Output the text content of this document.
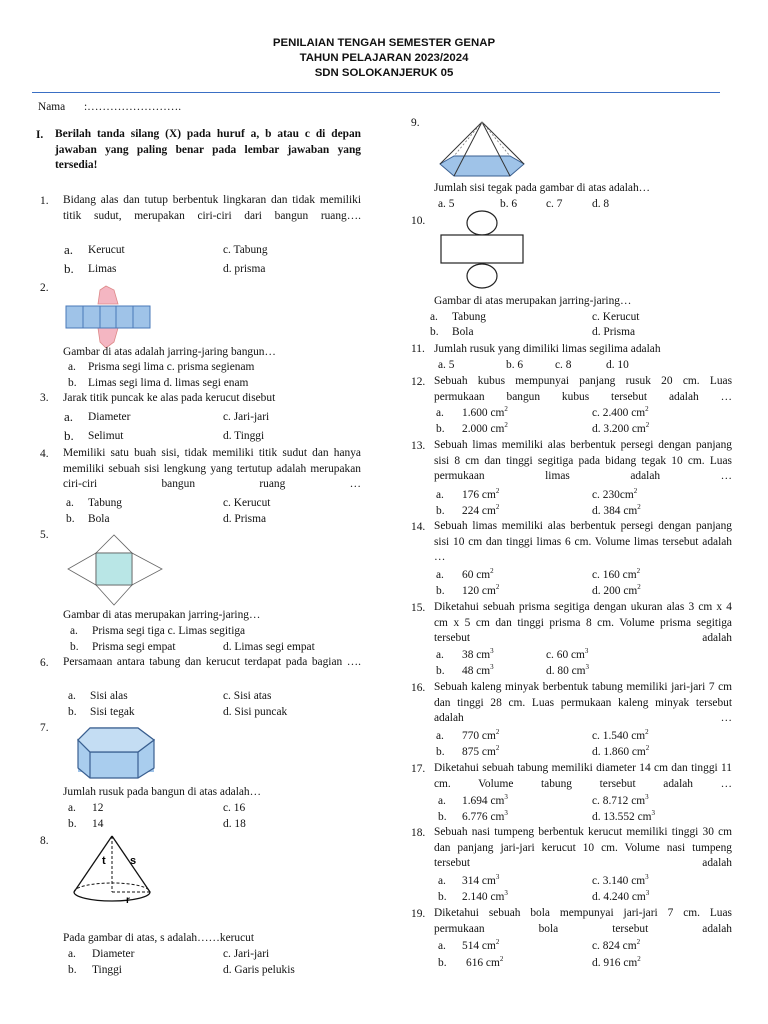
PENILAIAN TENGAH SEMESTER GENAP
TAHUN PELAJARAN 2023/2024
SDN SOLOKANJERUK 05
Nama :…………………….
I. Berilah tanda silang (X) pada huruf a, b atau c di depan jawaban yang paling benar pada lembar jawaban yang tersedia!
1. Bidang alas dan tutup berbentuk lingkaran dan tidak memiliki titik sudut, merupakan ciri-ciri dari bangun ruang….
a. Kerucut	c. Tabung
b. Limas	d. prisma
2.
Gambar di atas adalah jarring-jaring bangun…
a. Prisma segi lima c. prisma segienam
b. Limas segi lima d. limas segi enam
3. Jarak titik puncak ke alas pada kerucut disebut
a. Diameter	c. Jari-jari
b. Selimut	d. Tinggi
4. Memiliki satu buah sisi, tidak memiliki titik sudut dan hanya memiliki sebuah sisi lengkung yang tertutup adalah merupakan ciri-ciri bangun ruang …
a. Tabung	c. Kerucut
b. Bola	d. Prisma
5.
Gambar di atas merupakan jarring-jaring…
a. Prisma segi tiga c. Limas segitiga
b. Prisma segi empat	d. Limas segi empat
6. Persamaan antara tabung dan kerucut terdapat pada bagian ….
a. Sisi alas	c. Sisi atas
b. Sisi tegak	d. Sisi puncak
7.
Jumlah rusuk pada bangun di atas adalah…
a. 12	c. 16
b. 14	d. 18
8.
t s
r
Pada gambar di atas, s adalah……kerucut
a. Diameter	c. Jari-jari
b. Tinggi	d. Garis pelukis
9.
Jumlah sisi tegak pada gambar di atas adalah…
a. 5	b. 6	c. 7	d. 8
10.
Gambar di atas merupakan jarring-jaring…
a. Tabung	c. Kerucut
b. Bola	d. Prisma
11. Jumlah rusuk yang dimiliki limas segilima adalah
a. 5	b. 6	c. 8	d. 10
12. Sebuah kubus mempunyai panjang rusuk 20 cm. Luas permukaan bangun kubus tersebut adalah …
a. 1.600 $cm^2$	c. 2.400 $cm^2$
b. 2.000 $cm^2$	d. 3.200 $cm^2$
13. Sebuah limas memiliki alas berbentuk persegi dengan panjang sisi 8 cm dan tinggi segitiga pada bidang tegak 10 cm. Luas permukaan limas adalah …
a. 176 $cm^2$	c. $230cm^2$
b. 224 $cm^2$	d. 384 $cm^2$
14. Sebuah limas memiliki alas berbentuk persegi dengan panjang sisi 10 cm dan tinggi limas 6 cm. Volume limas tersebut adalah …
a. 60 $cm^2$	c. 160 $cm^2$
b. 120 $cm^2$	d. 200 $cm^2$
15. Diketahui sebuah prisma segitiga dengan ukuran alas 3 cm x 4 cm x 5 cm dan tinggi prisma 8 cm. Volume prisma segitiga tersebut adalah
a. 38 $cm^3$	c. 60 $cm^3$
b. 48 $cm^3$	d. 80 $cm^3$
16. Sebuah kaleng minyak berbentuk tabung memiliki jari-jari 7 cm dan tinggi 28 cm. Luas permukaan kaleng minyak tersebut adalah …
a. 770 $cm^2$	c. 1.540 $cm^2$
b. 875 $cm^2$	d. 1.860 $cm^2$
17. Diketahui sebuah tabung memiliki diameter 14 cm dan tinggi 11 cm. Volume tabung tersebut adalah …
a. 1.694 $cm^3$	c. 8.712 $cm^3$
b. 6.776 $cm^3$	d. 13.552 $cm^3$
18. Sebuah nasi tumpeng berbentuk kerucut memiliki tinggi 30 cm dan panjang jari-jari kerucut 10 cm. Volume nasi tumpeng tersebut adalah
a. 314 $cm^3$	c. 3.140 $cm^3$
b. 2.140 $cm^3$	d. 4.240 $cm^3$
19. Diketahui sebuah bola mempunyai jari-jari 7 cm. Luas permukaan bola tersebut adalah
a. 514 $cm^2$	c. 824 $cm^2$
b. 616 $cm^2$	d. 916 $cm^2$
